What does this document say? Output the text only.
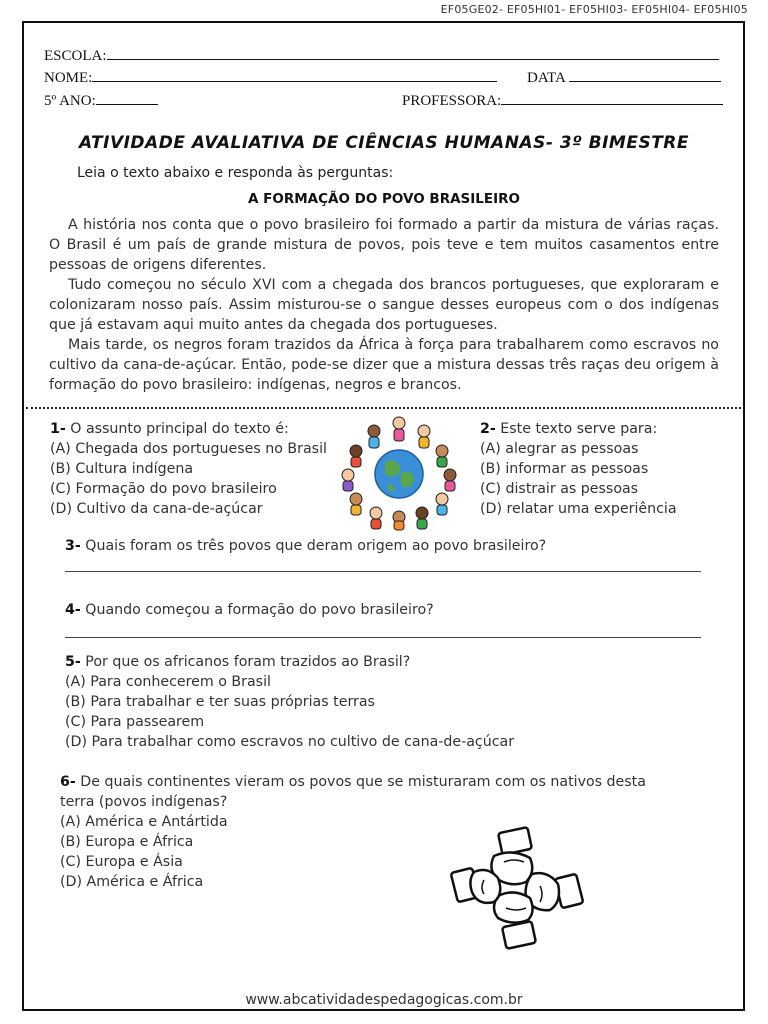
EF05GE02- EF05HI01- EF05HI03- EF05HI04- EF05HI05
ESCOLA:
NOME:	DATA
5º ANO:	PROFESSORA:
ATIVIDADE AVALIATIVA DE CIÊNCIAS HUMANAS- 3º BIMESTRE
Leia o texto abaixo e responda às perguntas:
A FORMAÇÃO DO POVO BRASILEIRO

A história nos conta que o povo brasileiro foi formado a partir da mistura de várias raças. O Brasil é um país de grande mistura de povos, pois teve e tem muitos casamentos entre pessoas de origens diferentes.

Tudo começou no século XVI com a chegada dos brancos portugueses, que exploraram e colonizaram nosso país. Assim misturou-se o sangue desses europeus com o dos indígenas que já estavam aqui muito antes da chegada dos portugueses.

Mais tarde, os negros foram trazidos da África à força para trabalharem como escravos no cultivo da cana-de-açúcar. Então, pode-se dizer que a mistura dessas três raças deu origem à formação do povo brasileiro: indígenas, negros e brancos.

1- O assunto principal do texto é:
(A) Chegada dos portugueses no Brasil
(B) Cultura indígena
(C) Formação do povo brasileiro
(D) Cultivo da cana-de-açúcar
2- Este texto serve para:
(A) alegrar as pessoas
(B) informar as pessoas
(C) distrair as pessoas
(D) relatar uma experiência
3- Quais foram os três povos que deram origem ao povo brasileiro?
4- Quando começou a formação do povo brasileiro?
5- Por que os africanos foram trazidos ao Brasil?
(A) Para conhecerem o Brasil
(B) Para trabalhar e ter suas próprias terras
(C) Para passearem
(D) Para trabalhar como escravos no cultivo de cana-de-açúcar
6- De quais continentes vieram os povos que se misturaram com os nativos desta terra (povos indígenas?
(A) América e Antártida
(B) Europa e África
(C) Europa e Ásia
(D) América e África
www.abcatividadespedagogicas.com.br
